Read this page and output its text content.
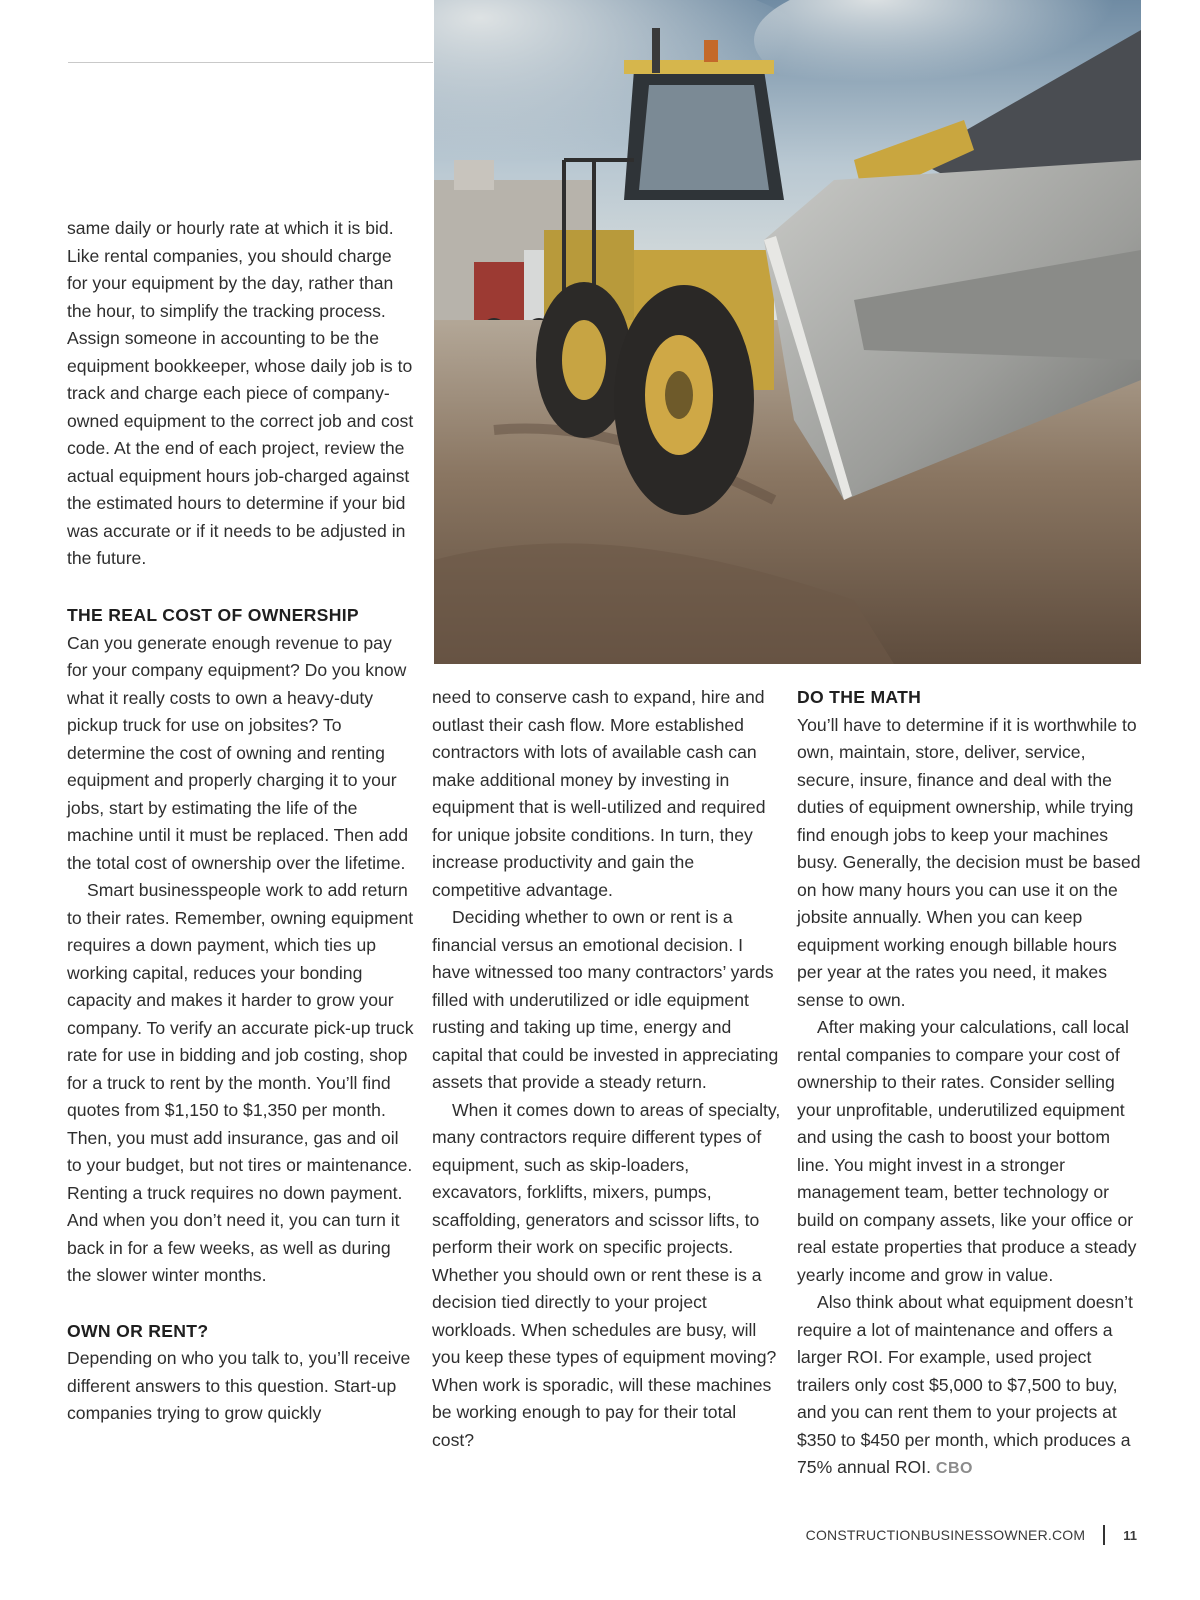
same daily or hourly rate at which it is bid. Like rental companies, you should charge for your equipment by the day, rather than the hour, to simplify the tracking process. Assign someone in accounting to be the equipment bookkeeper, whose daily job is to track and charge each piece of company-owned equipment to the correct job and cost code. At the end of each project, review the actual equipment hours job-charged against the estimated hours to determine if your bid was accurate or if it needs to be adjusted in the future.

THE REAL COST OF OWNERSHIP

Can you generate enough revenue to pay for your company equipment? Do you know what it really costs to own a heavy-duty pickup truck for use on jobsites? To determine the cost of owning and renting equipment and properly charging it to your jobs, start by estimating the life of the machine until it must be replaced. Then add the total cost of ownership over the lifetime.

Smart businesspeople work to add return to their rates. Remember, owning equipment requires a down payment, which ties up working capital, reduces your bonding capacity and makes it harder to grow your company. To verify an accurate pick-up truck rate for use in bidding and job costing, shop for a truck to rent by the month. You’ll find quotes from $1,150 to $1,350 per month. Then, you must add insurance, gas and oil to your budget, but not tires or maintenance. Renting a truck requires no down payment. And when you don’t need it, you can turn it back in for a few weeks, as well as during the slower winter months.

OWN OR RENT?

Depending on who you talk to, you’ll receive different answers to this question. Start-up companies trying to grow quickly

need to conserve cash to expand, hire and outlast their cash flow. More established contractors with lots of available cash can make additional money by investing in equipment that is well-utilized and required for unique jobsite conditions. In turn, they increase productivity and gain the competitive advantage.

Deciding whether to own or rent is a financial versus an emotional decision. I have witnessed too many contractors’ yards filled with underutilized or idle equipment rusting and taking up time, energy and capital that could be invested in appreciating assets that provide a steady return.

When it comes down to areas of specialty, many contractors require different types of equipment, such as skip-loaders, excavators, forklifts, mixers, pumps, scaffolding, generators and scissor lifts, to perform their work on specific projects. Whether you should own or rent these is a decision tied directly to your project workloads. When schedules are busy, will you keep these types of equipment moving? When work is sporadic, will these machines be working enough to pay for their total cost?

DO THE MATH

You’ll have to determine if it is worthwhile to own, maintain, store, deliver, service, secure, insure, finance and deal with the duties of equipment ownership, while trying find enough jobs to keep your machines busy. Generally, the decision must be based on how many hours you can use it on the jobsite annually. When you can keep equipment working enough billable hours per year at the rates you need, it makes sense to own.

After making your calculations, call local rental companies to compare your cost of ownership to their rates. Consider selling your unprofitable, underutilized equipment and using the cash to boost your bottom line. You might invest in a stronger management team, better technology or build on company assets, like your office or real estate properties that produce a steady yearly income and grow in value.

Also think about what equipment doesn’t require a lot of maintenance and offers a larger ROI. For example, used project trailers only cost $5,000 to $7,500 to buy, and you can rent them to your projects at $350 to $450 per month, which produces a 75% annual ROI. CBO

CONSTRUCTIONBUSINESSOWNER.COM	11
